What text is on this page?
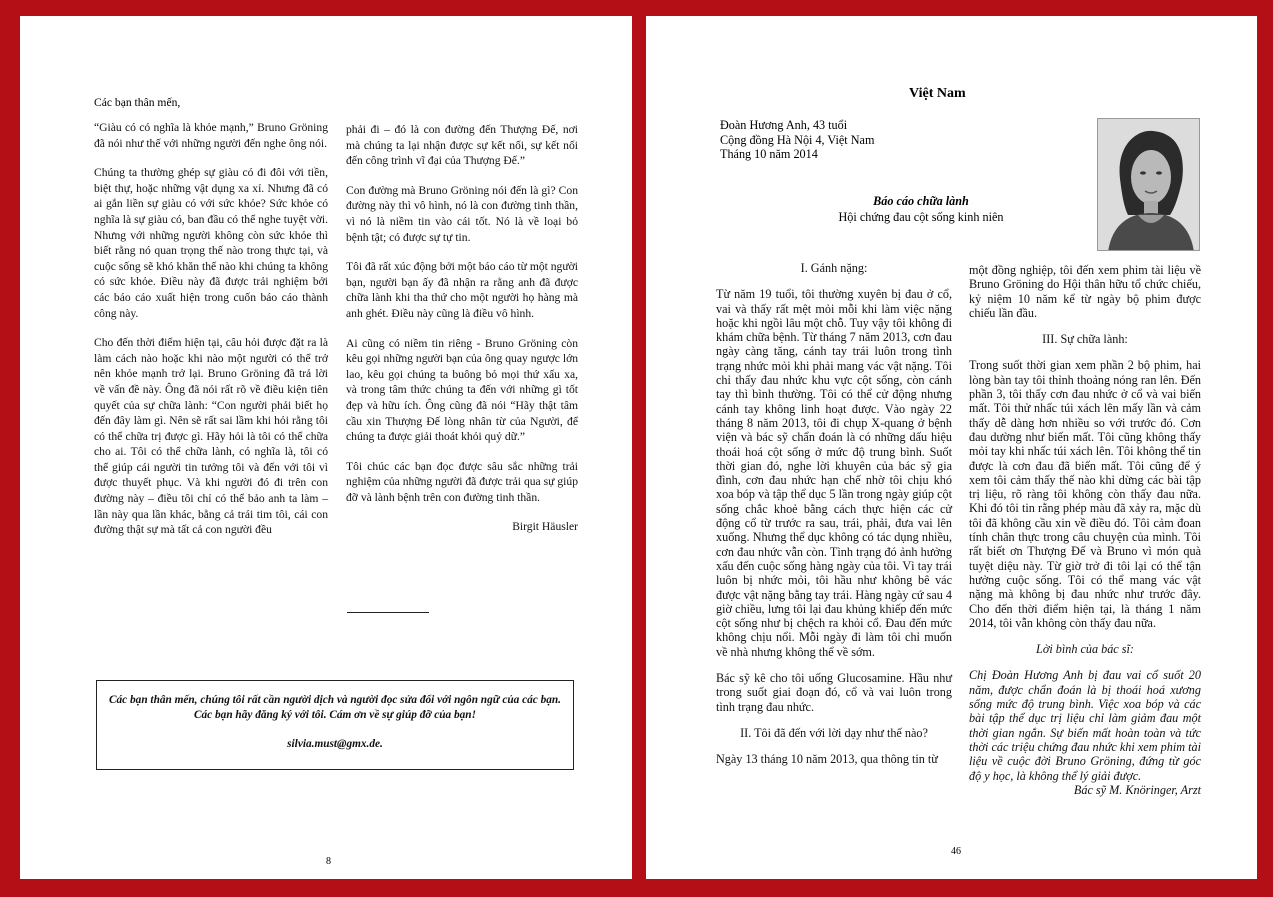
Các bạn thân mến,

“Giàu có có nghĩa là khỏe mạnh,” Bruno Gröning đã nói như thế với những người đến nghe ông nói.

Chúng ta thường ghép sự giàu có đi đôi với tiền, biệt thự, hoặc những vật dụng xa xỉ. Nhưng đã có ai gắn liền sự giàu có với sức khỏe? Sức khỏe có nghĩa là sự giàu có, ban đầu có thể nghe tuyệt vời. Nhưng với những người không còn sức khỏe thì biết rằng nó quan trọng thế nào trong thực tại, và cuộc sống sẽ khó khăn thế nào khi chúng ta không có sức khỏe. Điều này đã được trải nghiệm bởi các báo cáo xuất hiện trong cuốn báo cáo thành công này.

Cho đến thời điểm hiện tại, câu hỏi được đặt ra là làm cách nào hoặc khi nào một người có thể trở nên khỏe mạnh trở lại. Bruno Gröning đã trả lời về vấn đề này. Ông đã nói rất rõ về điều kiện tiên quyết của sự chữa lành: “Con người phải biết họ đến đây làm gì. Nên sẽ rất sai lầm khi hỏi rằng tôi có thể chữa trị được gì. Hãy hỏi là tôi có thể chữa cho ai. Tôi có thể chữa lành, có nghĩa là, tôi có thể giúp cái người tin tưởng tôi và đến với tôi vì được thuyết phục. Và khi người đó đi trên con đường này – điều tôi chỉ có thể bảo anh ta làm – lần này qua lần khác, bằng cả trái tim tôi, cái con đường thật sự mà tất cả con người đều

phải đi – đó là con đường đến Thượng Đế, nơi mà chúng ta lại nhận được sự kết nối, sự kết nối đến công trình vĩ đại của Thượng Đế.”

Con đường mà Bruno Gröning nói đến là gì? Con đường này thì vô hình, nó là con đường tinh thần, vì nó là niềm tin vào cái tốt. Nó là về loại bỏ bệnh tật; có được sự tự tin.

Tôi đã rất xúc động bởi một báo cáo từ một người bạn, người bạn ấy đã nhận ra rằng anh đã được chữa lành khi tha thứ cho một người họ hàng mà anh ghét. Điều này cũng là điều vô hình.

Ai cũng có niềm tin riêng - Bruno Gröning còn kêu gọi những người bạn của ông quay ngược lớn lao, kêu gọi chúng ta buông bỏ mọi thứ xấu xa, và trong tâm thức chúng ta đến với những gì tốt đẹp và hữu ích. Ông cũng đã nói “Hãy thật tâm cầu xin Thượng Đế lòng nhân từ của Người, để chúng ta được giải thoát khỏi quỷ dữ.”

Tôi chúc các bạn đọc được sâu sắc những trải nghiệm của những người đã được trải qua sự giúp đỡ và lành bệnh trên con đường tinh thần.

Birgit Häusler

Các bạn thân mến, chúng tôi rất cần người dịch và người đọc sửa đổi với ngôn ngữ của các bạn. Các bạn hãy đăng ký với tôi. Cám ơn về sự giúp đỡ của bạn!

silvia.must@gmx.de.

8
Việt Nam
Đoàn Hương Anh, 43 tuổi
Cộng đồng Hà Nội 4, Việt Nam
Tháng 10 năm 2014
Báo cáo chữa lành
Hội chứng đau cột sống kinh niên

I. Gánh nặng:

Từ năm 19 tuổi, tôi thường xuyên bị đau ở cổ, vai và thấy rất mệt mỏi mỗi khi làm việc nặng hoặc khi ngồi lâu một chỗ. Tuy vậy tôi không đi khám chữa bệnh. Từ tháng 7 năm 2013, cơn đau ngày càng tăng, cánh tay trái luôn trong tình trạng nhức mỏi khi phải mang vác vật nặng. Tôi chỉ thấy đau nhức khu vực cột sống, còn cánh tay thì bình thường. Tôi có thể cử động nhưng cánh tay không linh hoạt được. Vào ngày 22 tháng 8 năm 2013, tôi đi chụp X-quang ở bệnh viện và bác sỹ chẩn đoán là có những dấu hiệu thoái hoá cột sống ở mức độ trung bình. Suốt thời gian đó, nghe lời khuyên của bác sỹ gia đình, cơn đau nhức hạn chế nhờ tôi chịu khó xoa bóp và tập thể dục 5 lần trong ngày giúp cột sống chắc khoẻ bằng cách thực hiện các cử động cổ từ trước ra sau, trái, phải, đưa vai lên xuống. Nhưng thể dục không có tác dụng nhiều, cơn đau nhức vẫn còn. Tình trạng đó ảnh hưởng xấu đến cuộc sống hàng ngày của tôi. Vì tay trái luôn bị nhức mỏi, tôi hầu như không bê vác được vật nặng bằng tay trái. Hàng ngày cứ sau 4 giờ chiều, lưng tôi lại đau khủng khiếp đến mức cột sống như bị chệch ra khỏi cổ. Đau đến mức không chịu nổi. Mỗi ngày đi làm tôi chỉ muốn về nhà nhưng không thể về sớm.

Bác sỹ kê cho tôi uống Glucosamine. Hầu như trong suốt giai đoạn đó, cổ và vai luôn trong tình trạng đau nhức.

II. Tôi đã đến với lời dạy như thế nào?

Ngày 13 tháng 10 năm 2013, qua thông tin từ

một đồng nghiệp, tôi đến xem phim tài liệu về Bruno Gröning do Hội thân hữu tổ chức chiếu, kỷ niệm 10 năm kể từ ngày bộ phim được chiếu lần đầu.

III. Sự chữa lành:

Trong suốt thời gian xem phần 2 bộ phim, hai lòng bàn tay tôi thỉnh thoảng nóng ran lên. Đến phần 3, tôi thấy cơn đau nhức ở cổ và vai biến mất. Tôi thử nhấc túi xách lên mấy lần và cảm thấy dễ dàng hơn nhiều so với trước đó. Cơn đau dường như biến mất. Tôi cũng không thấy mỏi tay khi nhấc túi xách lên. Tôi không thể tin được là cơn đau đã biến mất. Tôi cũng để ý xem tôi cảm thấy thế nào khi dừng các bài tập trị liệu, rõ ràng tôi không còn thấy đau nữa. Khi đó tôi tin rằng phép màu đã xảy ra, mặc dù tôi đã không cầu xin về điều đó. Tôi cảm đoan tính chân thực trong câu chuyện của mình. Tôi rất biết ơn Thượng Đế và Bruno vì món quà tuyệt diệu này. Từ giờ trở đi tôi lại có thể tận hưởng cuộc sống. Tôi có thể mang vác vật nặng mà không bị đau nhức như trước đây. Cho đến thời điểm hiện tại, là tháng 1 năm 2014, tôi vẫn không còn thấy đau nữa.

Lời bình của bác sĩ:

Chị Đoàn Hương Anh bị đau vai cổ suốt 20 năm, được chẩn đoán là bị thoái hoá xương sống mức độ trung bình. Việc xoa bóp và các bài tập thể dục trị liệu chỉ làm giảm đau một thời gian ngắn. Sự biến mất hoàn toàn và tức thời các triệu chứng đau nhức khi xem phim tài liệu về cuộc đời Bruno Gröning, đứng từ góc độ y học, là không thể lý giải được.

Bác sỹ M. Knöringer, Arzt

46
